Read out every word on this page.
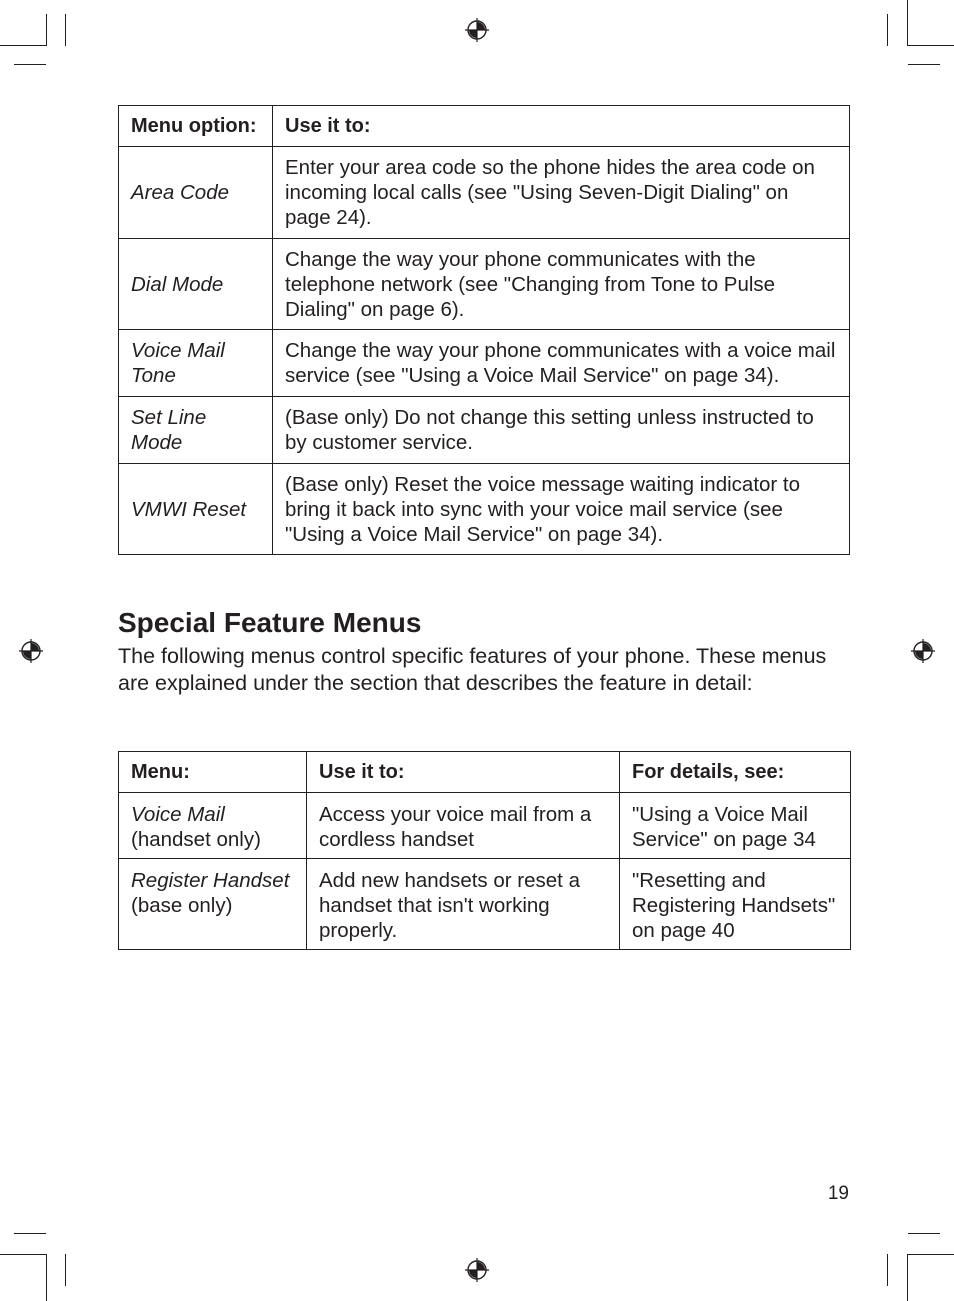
Menu option:	Use it to:
Area Code	Enter your area code so the phone hides the area code on incoming local calls (see "Using Seven-Digit Dialing" on page 24).
Dial Mode	Change the way your phone communicates with the telephone network (see "Changing from Tone to Pulse Dialing" on page 6).
Voice Mail Tone	Change the way your phone communicates with a voice mail service (see "Using a Voice Mail Service" on page 34).
Set Line Mode	(Base only) Do not change this setting unless instructed to by customer service.
VMWI Reset	(Base only) Reset the voice message waiting indicator to bring it back into sync with your voice mail service (see "Using a Voice Mail Service" on page 34).
Special Feature Menus

The following menus control specific features of your phone. These menus are explained under the section that describes the feature in detail:

Menu:	Use it to:	For details, see:

Voice Mail
(handset only)	Access your voice mail from a cordless handset	"Using a Voice Mail Service" on page 34

Register Handset
(base only)	Add new handsets or reset a handset that isn't working properly.	"Resetting and Registering Handsets" on page 40
19
